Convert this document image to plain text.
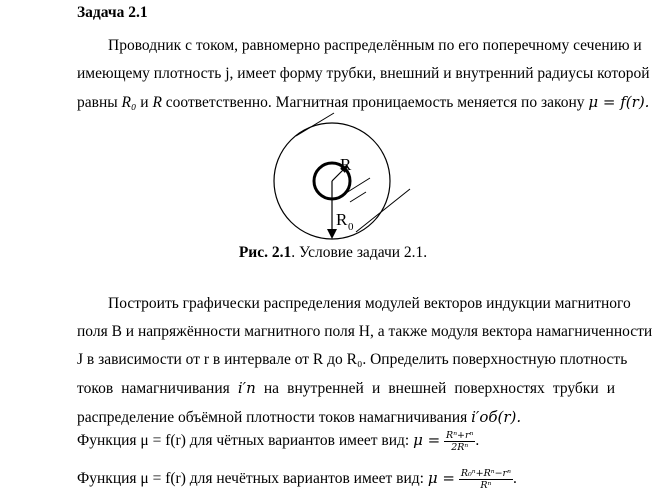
Задача 2.1
Проводник с током, равномерно распределённым по его поперечному сечению и
имеющему плотность j, имеет форму трубки, внешний и внутренний радиусы которой
равны R₀ и R соответственно. Магнитная проницаемость меняется по закону μ = f(r).
R
R 0
Рис. 2.1. Условие задачи 2.1.
Построить графически распределения модулей векторов индукции магнитного
поля B и напряжённости магнитного поля H, а также модуля вектора намагниченности
J в зависимости от r в интервале от R до R₀. Определить поверхностную плотность
токов намагничивания i′п на внутренней и внешней поверхностях трубки и
распределение объёмной плотности токов намагничивания i′об(r).
Функция μ = f(r) для чётных вариантов имеет вид: $\mu = \frac{\text{Rⁿ+rⁿ}}{\text{2Rⁿ}}$ .
Функция μ = f(r) для нечётных вариантов имеет вид: $\mu = \frac{\text{R₀ⁿ+Rⁿ−rⁿ}}{\text{Rⁿ}}$ .
